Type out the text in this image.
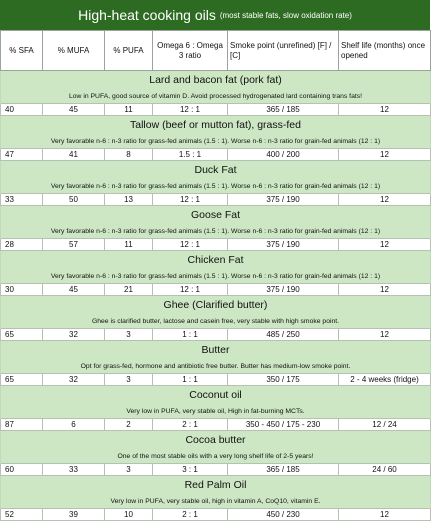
High-heat cooking oils (most stable fats, slow oxidation rate)
% SFA	% MUFA	% PUFA	Omega 6 : Omega 3 ratio	Smoke point (unrefined) [F] / [C]	Shelf life (months) once opened
Lard and bacon fat (pork fat)					
Low in PUFA, good source of vitamin D. Avoid processed hydrogenated lard containing trans fats!					
40	45	11	12 : 1	365 / 185	12
Tallow (beef or mutton fat), grass-fed					
Very favorable n-6 : n-3 ratio for grass-fed animals (1.5 : 1). Worse n-6 : n-3 ratio for grain-fed animals (12 : 1)					
47	41	8	1.5 : 1	400 / 200	12
Duck Fat					
Very favorable n-6 : n-3 ratio for grass-fed animals (1.5 : 1). Worse n-6 : n-3 ratio for grain-fed animals (12 : 1)					
33	50	13	12 : 1	375 / 190	12
Goose Fat					
Very favorable n-6 : n-3 ratio for grass-fed animals (1.5 : 1). Worse n-6 : n-3 ratio for grain-fed animals (12 : 1)					
28	57	11	12 : 1	375 / 190	12
Chicken Fat					
Very favorable n-6 : n-3 ratio for grass-fed animals (1.5 : 1). Worse n-6 : n-3 ratio for grain-fed animals (12 : 1)					
30	45	21	12 : 1	375 / 190	12
Ghee (Clarified butter)					
Ghee is clarified butter, lactose and casein free, very stable with high smoke point.					
65	32	3	1 : 1	485 / 250	12
Butter					
Opt for grass-fed, hormone and antibiotic free butter. Butter has medium-low smoke point.					
65	32	3	1 : 1	350 / 175	2 - 4 weeks (fridge)
Coconut oil					
Very low in PUFA, very stable oil, High in fat-burning MCTs.					
87	6	2	2 : 1	350 - 450 / 175 - 230	12 / 24
Cocoa butter					
One of the most stable oils with a very long shelf life of 2-5 years!					
60	33	3	3 : 1	365 / 185	24 / 60
Red Palm Oil					
Very low in PUFA, very stable oil, high in vitamin A, CoQ10, vitamin E.					
52	39	10	2 : 1	450 / 230	12
